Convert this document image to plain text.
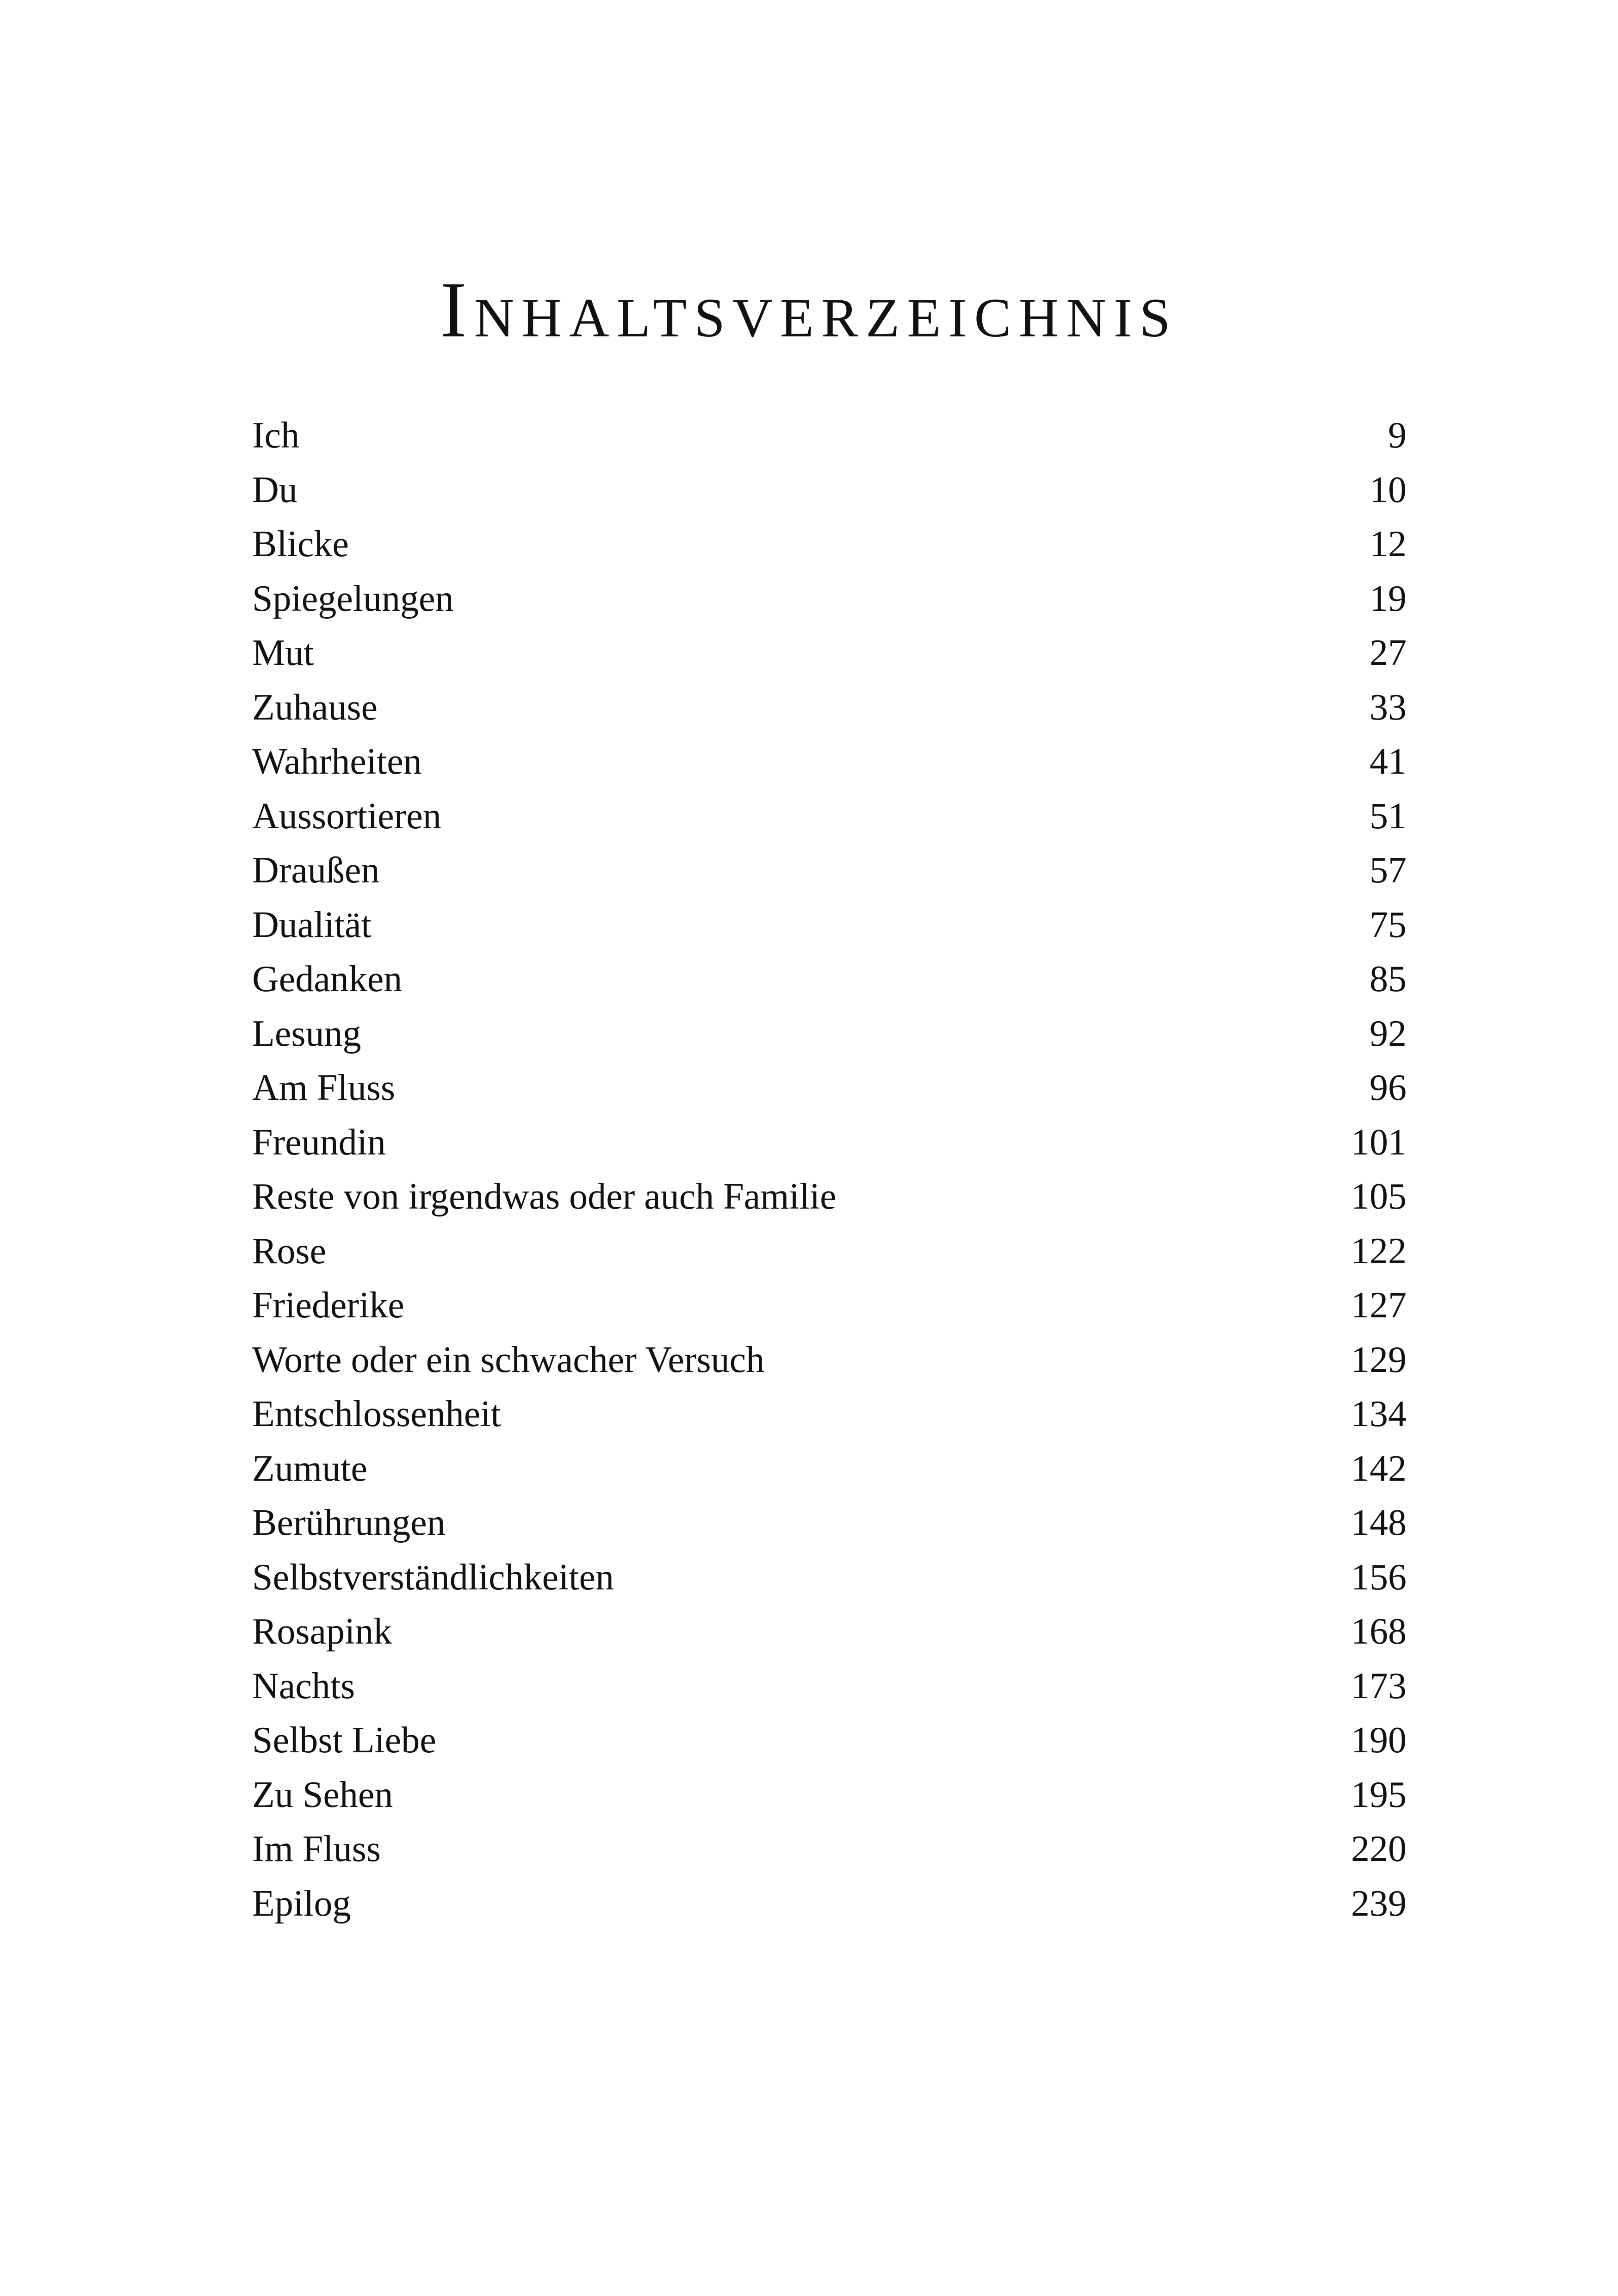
Inhaltsverzeichnis
Ich	9
Du	10
Blicke	12
Spiegelungen	19
Mut	27
Zuhause	33
Wahrheiten	41
Aussortieren	51
Draußen	57
Dualität	75
Gedanken	85
Lesung	92
Am Fluss	96
Freundin	101
Reste von irgendwas oder auch Familie	105
Rose	122
Friederike	127
Worte oder ein schwacher Versuch	129
Entschlossenheit	134
Zumute	142
Berührungen	148
Selbstverständlichkeiten	156
Rosapink	168
Nachts	173
Selbst Liebe	190
Zu Sehen	195
Im Fluss	220
Epilog	239
